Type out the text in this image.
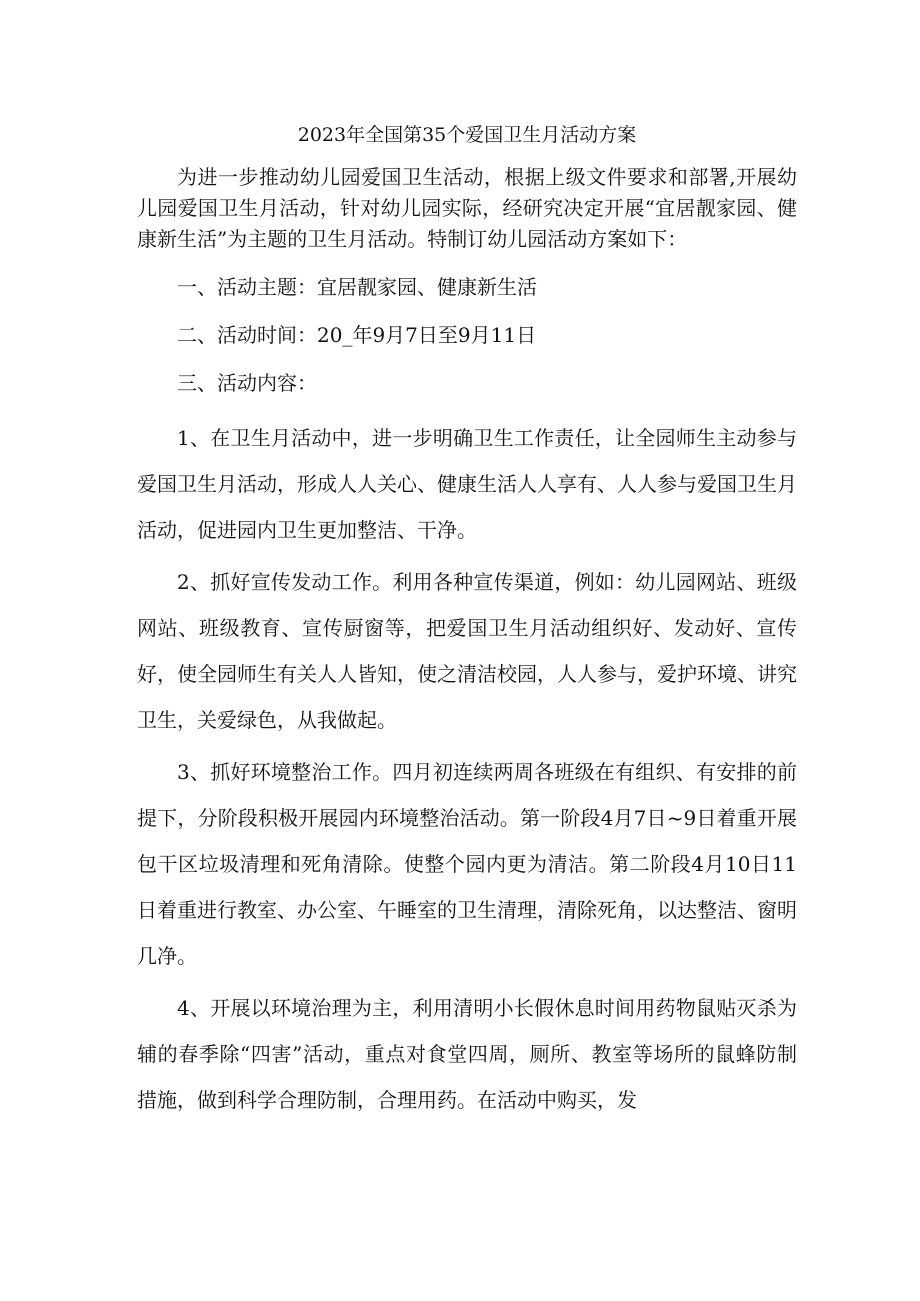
2023年全国第35个爱国卫生月活动方案

为进一步推动幼儿园爱国卫生活动，根据上级文件要求和部署,开展幼儿园爱国卫生月活动，针对幼儿园实际，经研究决定开展“宜居靓家园、健康新生活”为主题的卫生月活动。特制订幼儿园活动方案如下：

一、活动主题：宜居靓家园、健康新生活

二、活动时间：20_年9月7日至9月11日

三、活动内容：

1、在卫生月活动中，进一步明确卫生工作责任，让全园师生主动参与爱国卫生月活动，形成人人关心、健康生活人人享有、人人参与爱国卫生月活动，促进园内卫生更加整洁、干净。

2、抓好宣传发动工作。利用各种宣传渠道，例如：幼儿园网站、班级网站、班级教育、宣传厨窗等，把爱国卫生月活动组织好、发动好、宣传好，使全园师生有关人人皆知，使之清洁校园，人人参与，爱护环境、讲究卫生，关爱绿色，从我做起。

3、抓好环境整治工作。四月初连续两周各班级在有组织、有安排的前提下，分阶段积极开展园内环境整治活动。第一阶段4月7日~9日着重开展包干区垃圾清理和死角清除。使整个园内更为清洁。第二阶段4月10日11日着重进行教室、办公室、午睡室的卫生清理，清除死角，以达整洁、窗明几净。

4、开展以环境治理为主，利用清明小长假休息时间用药物鼠贴灭杀为辅的春季除“四害”活动，重点对食堂四周，厕所、教室等场所的鼠蜂防制措施，做到科学合理防制，合理用药。在活动中购买，发
